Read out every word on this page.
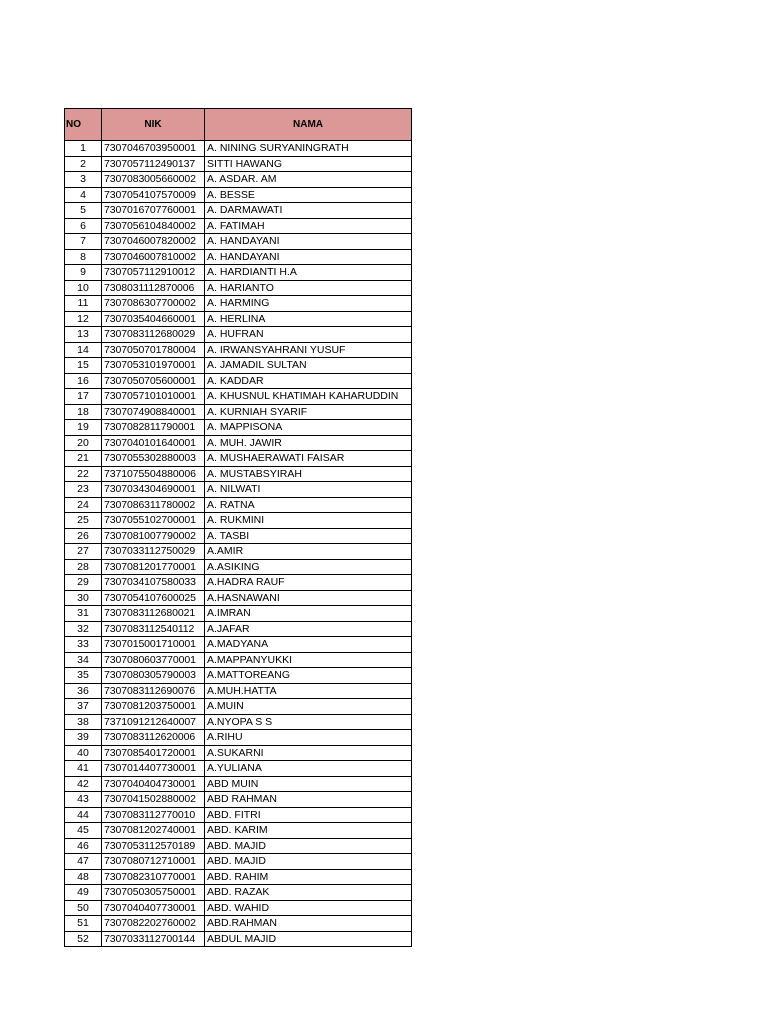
NO	NIK	NAMA
1	7307046703950001	A. NINING SURYANINGRATH
2	7307057112490137	SITTI HAWANG
3	7307083005660002	A. ASDAR. AM
4	7307054107570009	A. BESSE
5	7307016707760001	A. DARMAWATI
6	7307056104840002	A. FATIMAH
7	7307046007820002	A. HANDAYANI
8	7307046007810002	A. HANDAYANI
9	7307057112910012	A. HARDIANTI H.A
10	7308031112870006	A. HARIANTO
11	7307086307700002	A. HARMING
12	7307035404660001	A. HERLINA
13	7307083112680029	A. HUFRAN
14	7307050701780004	A. IRWANSYAHRANI YUSUF
15	7307053101970001	A. JAMADIL SULTAN
16	7307050705600001	A. KADDAR
17	7307057101010001	A. KHUSNUL KHATIMAH KAHARUDDIN
18	7307074908840001	A. KURNIAH SYARIF
19	7307082811790001	A. MAPPISONA
20	7307040101640001	A. MUH. JAWIR
21	7307055302880003	A. MUSHAERAWATI FAISAR
22	7371075504880006	A. MUSTABSYIRAH
23	7307034304690001	A. NILWATI
24	7307086311780002	A. RATNA
25	7307055102700001	A. RUKMINI
26	7307081007790002	A. TASBI
27	7307033112750029	A.AMIR
28	7307081201770001	A.ASIKING
29	7307034107580033	A.HADRA RAUF
30	7307054107600025	A.HASNAWANI
31	7307083112680021	A.IMRAN
32	7307083112540112	A.JAFAR
33	7307015001710001	A.MADYANA
34	7307080603770001	A.MAPPANYUKKI
35	7307080305790003	A.MATTOREANG
36	7307083112690076	A.MUH.HATTA
37	7307081203750001	A.MUIN
38	7371091212640007	A.NYOPA S S
39	7307083112620006	A.RIHU
40	7307085401720001	A.SUKARNI
41	7307014407730001	A.YULIANA
42	7307040404730001	ABD MUIN
43	7307041502880002	ABD RAHMAN
44	7307083112770010	ABD. FITRI
45	7307081202740001	ABD. KARIM
46	7307053112570189	ABD. MAJID
47	7307080712710001	ABD. MAJID
48	7307082310770001	ABD. RAHIM
49	7307050305750001	ABD. RAZAK
50	7307040407730001	ABD. WAHID
51	7307082202760002	ABD.RAHMAN
52	7307033112700144	ABDUL MAJID
